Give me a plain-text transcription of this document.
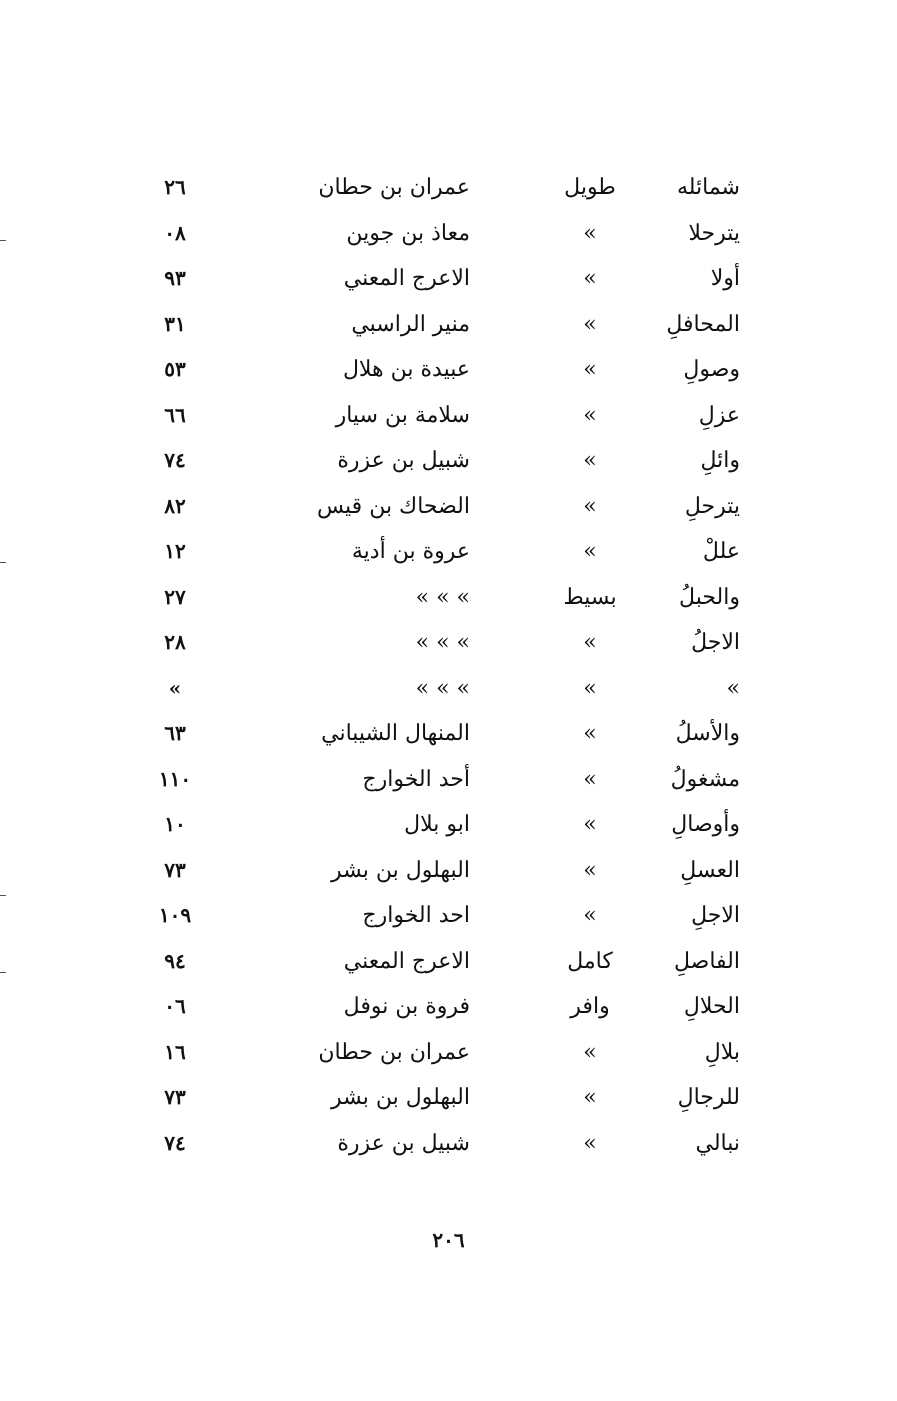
شمائله
طويل
عمران بن حطان
٢٦
يترحلا
»
معاذ بن جوين
٠٨
أولا
»
الاعرج المعني
٩٣
المحافلِ
»
منير الراسبي
٣١
وصولِ
»
عبيدة بن هلال
٥٣
عزلِ
»
سلامة بن سيار
٦٦
وائلِ
»
شبيل بن عزرة
٧٤
يترحلِ
»
الضحاك بن قيس
٨٢
عللْ
»
عروة بن أدية
١٢
والحبلُ
بسيط
» » »
٢٧
الاجلُ
»
» » »
٢٨
»
»
» » »
»
والأسلُ
»
المنهال الشيباني
٦٣
مشغولُ
»
أحد الخوارج
١١٠
وأوصالِ
»
ابو بلال
١٠
العسلِ
»
البهلول بن بشر
٧٣
الاجلِ
»
احد الخوارج
١٠٩
الفاصلِ
كامل
الاعرج المعني
٩٤
الحلالِ
وافر
فروة بن نوفل
٠٦
بلالِ
»
عمران بن حطان
١٦
للرجالِ
»
البهلول بن بشر
٧٣
نبالي
»
شبيل بن عزرة
٧٤
٢٠٦
